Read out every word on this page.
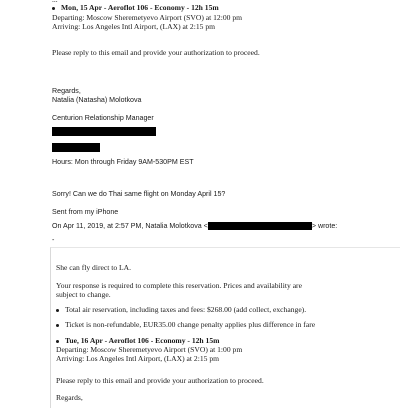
Mon, 15 Apr - Aeroflot 106 - Economy - 12h 15m
Departing: Moscow Sheremetyevo Airport (SVO) at 12:00 pm
Arriving: Los Angeles Intl Airport, (LAX) at 2:15 pm
Please reply to this email and provide your authorization to proceed.
Regards,
Natalia (Natasha) Molotkova
Centurion Relationship Manager
Hours: Mon through Friday 9AM-530PM EST
Sorry! Can we do Thai same flight on Monday April 15?
Sent from my iPhone
On Apr 11, 2019, at 2:57 PM, Natalia Molotkova <	> wrote:
-
She can fly direct to LA.
Your response is required to complete this reservation. Prices and availability are
subject to change.
Total air reservation, including taxes and fees: $268.00 (add collect, exchange).
Ticket is non-refundable, EUR35.00 change penalty applies plus difference in fare
Tue, 16 Apr - Aeroflot 106 - Economy - 12h 15m
Departing: Moscow Sheremetyevo Airport (SVO) at 1:00 pm
Arriving: Los Angeles Intl Airport, (LAX) at 2:15 pm
Please reply to this email and provide your authorization to proceed.
Regards,
